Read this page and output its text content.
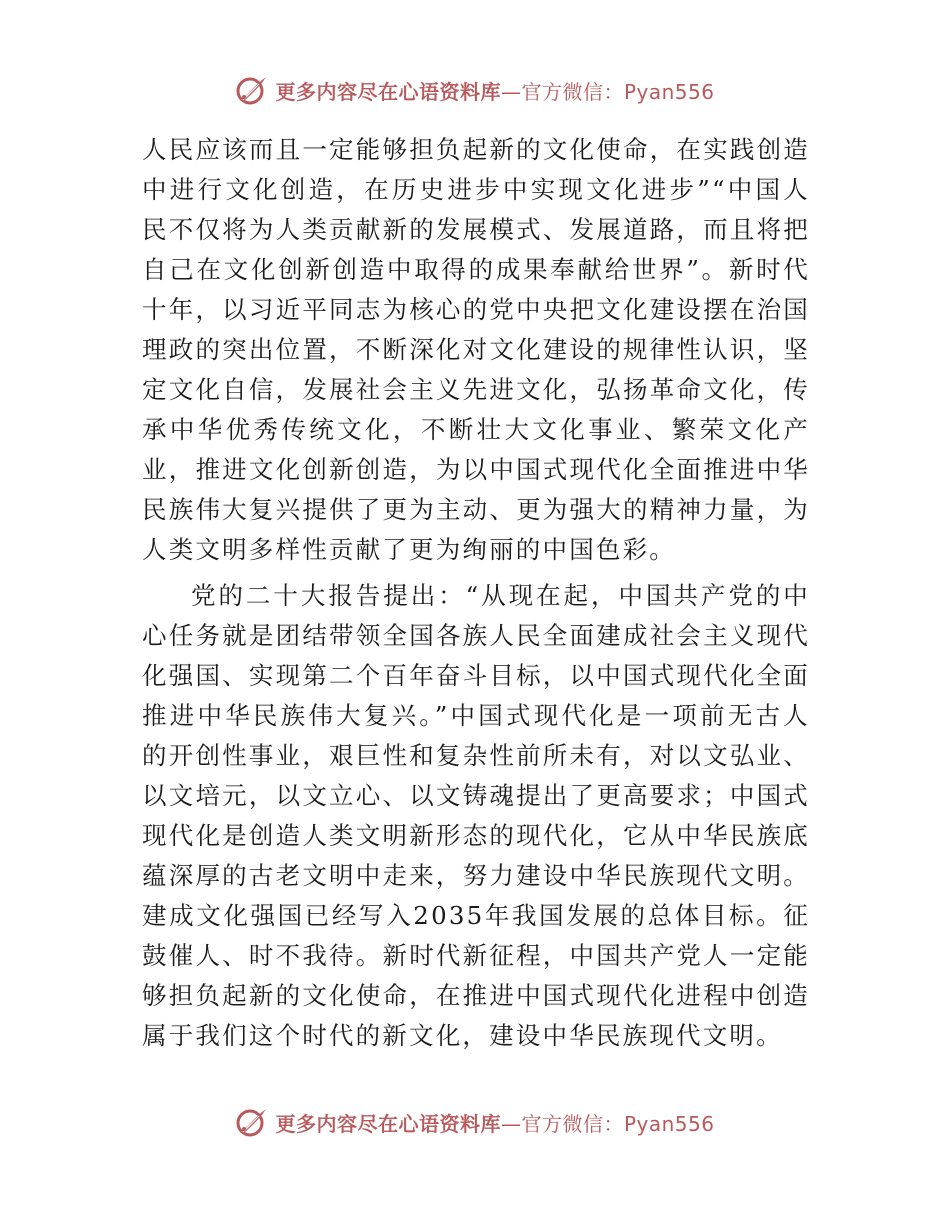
更多内容尽在心语资料库—官方微信：Pyan556

人民应该而且一定能够担负起新的文化使命，在实践创造中进行文化创造，在历史进步中实现文化进步”“中国人民不仅将为人类贡献新的发展模式、发展道路，而且将把自己在文化创新创造中取得的成果奉献给世界”。新时代十年，以习近平同志为核心的党中央把文化建设摆在治国理政的突出位置，不断深化对文化建设的规律性认识，坚定文化自信，发展社会主义先进文化，弘扬革命文化，传承中华优秀传统文化，不断壮大文化事业、繁荣文化产业，推进文化创新创造，为以中国式现代化全面推进中华民族伟大复兴提供了更为主动、更为强大的精神力量，为人类文明多样性贡献了更为绚丽的中国色彩。

党的二十大报告提出：“从现在起，中国共产党的中心任务就是团结带领全国各族人民全面建成社会主义现代化强国、实现第二个百年奋斗目标，以中国式现代化全面推进中华民族伟大复兴。”中国式现代化是一项前无古人的开创性事业，艰巨性和复杂性前所未有，对以文弘业、以文培元，以文立心、以文铸魂提出了更高要求；中国式现代化是创造人类文明新形态的现代化，它从中华民族底蕴深厚的古老文明中走来，努力建设中华民族现代文明。建成文化强国已经写入2035年我国发展的总体目标。征鼓催人、时不我待。新时代新征程，中国共产党人一定能够担负起新的文化使命，在推进中国式现代化进程中创造属于我们这个时代的新文化，建设中华民族现代文明。

更多内容尽在心语资料库—官方微信：Pyan556
